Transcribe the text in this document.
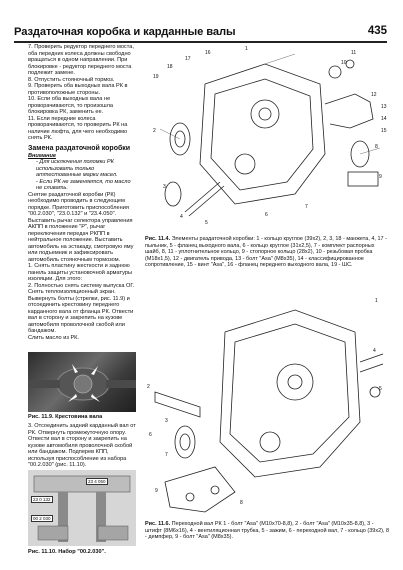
Раздаточная коробка и карданные валы	435

7. Проверить редуктор переднего моста, оба передних колеса должны свободно вращаться в одном направлении. При блокировке - редуктор переднего моста подлежит замене.

8. Отпустить стояночный тормоз.

9. Проверить оба выходных вала РК в противоположные стороны.

10. Если оба выходных вала не проворачиваются, то произошла блокировка РК, заменить ее.

11. Если передние колеса проворачиваются, то проверить РК на наличие люфта, для чего необходимо снять РК.

Замена раздаточной коробки

Внимание

- Для исключения поломки РК использовать только аттестованные марки масел.
- Если РК не заменяется, то масло не сливать.

Снятие раздаточной коробки (РК) необходимо проводить в следующем порядке. Приготовить приспособления "00.2.030", "23.0.132" и "23.4.050". Выставить рычаг селектора управления АКПП в положение "P", рычаг переключения передач РКПП в нейтральное положение. Выставить автомобиль на эстакаду, смотровую яму или подъемник и зафиксировать автомобиль стояночным тормозом.

1. Снять пластину жесткости и заднюю панель защиты установочной арматуры изоляции. Для этого:

2. Полностью снять систему выпуска ОГ. Снять теплоизоляционный экран. Вывернуть болты (стрелки, рис. 11.9) и отсоединить крестовину переднего карданного вала от фланца РК. Отвести вал в сторону и закрепить на кузове автомобиля проволочной скобой или бандажом.

Слить масло из РК.

Рис. 11.9. Крестовина вала

3. Отсоединить задний карданный вал от РК. Отвернуть промежуточную опору. Отвести вал в сторону и закрепить на кузове автомобиля проволочной скобой или бандажом. Подперев КПП, используя приспособление из набора "00.2.030" (рис. 11.10).

23 4 050
23 0 132
00 2 030
Рис. 11.10. Набор "00.2.030".
1
2
3
4
5
6
7
8
9
10
11
12
13
14
15
16
17
18
19
Рис. 11.4. Элементы раздаточной коробки: 1 - кольцо круглое (39х2), 2, 3, 18 - манжета, 4, 17 - пыльник, 5 - фланец выходного вала, 6 - кольцо круглое (31х2,5), 7 - комплект распорных шайб, 8, 11 - уплотнительное кольцо, 9 - стопорное кольцо (28х2), 10 - резьбовая пробка (М18х1,5), 12 - двигатель привода, 13 - болт "Аsа" (М8х35), 14 - классифицированное сопротивление, 15 - винт "Аsа", 16 - фланец переднего выходного вала, 19 - ШС.
1
2
3
4
5
6
7
8
9
Рис. 11.6. Переходной вал РК 1 - болт "Аsа" (М10х70-8,8), 2 - болт "Аsа" (М10х35-8,8), 3 - штифт (8М6х16), 4 - вентиляционная трубка, 5 - зажим, 6 - переходной вал, 7 - кольцо (39х2), 8 - демпфер, 9 - болт "Аsа" (М8х35).
